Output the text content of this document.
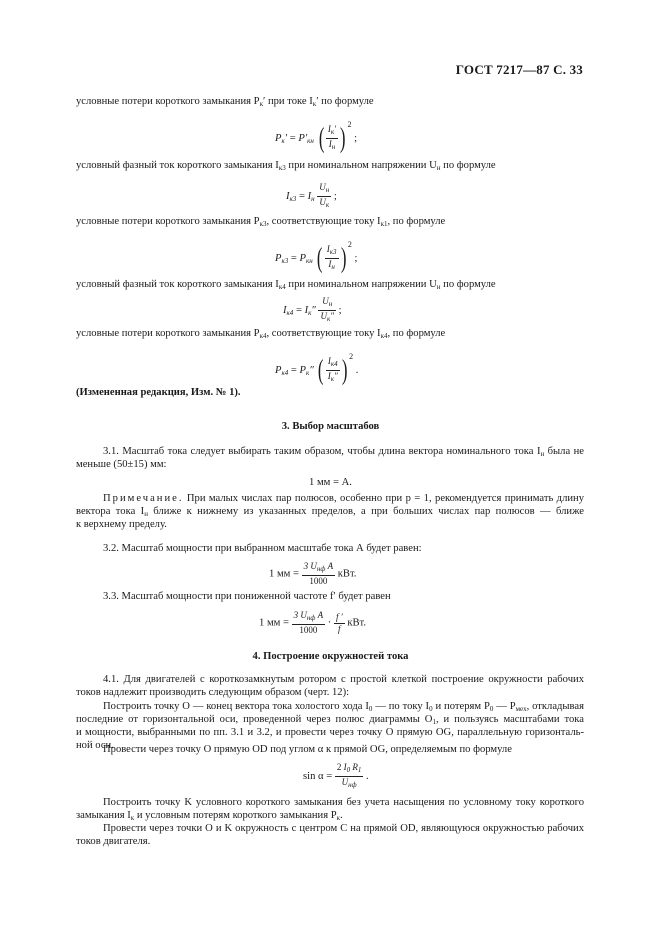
ГОСТ 7217—87 С. 33
условные потери короткого замыкания $P_к'$ при токе $I_к'$ по формуле
$P_к' = P'_{кн}$ ( $\frac{I_к'}{I_н}$ ) $^2$ ;
условный фазный ток короткого замыкания $I_{к3}$ при номинальном напряжении $U_н$ по формуле
$I_{к3} = I_н \frac{U_н}{U_к}$ ;
условные потери короткого замыкания $P_{к3}$, соответствующие току $I_{к1}$, по формуле
$P_{к3} = P_{кн}$ ( $\frac{I_{к3}}{I_н}$ ) $^2$ ;
условный фазный ток короткого замыкания $I_{к4}$ при номинальном напряжении $U_н$ по формуле
$I_{к4} = I_к'' \frac{U_н}{U_к''}$ ;
условные потери короткого замыкания $P_{к4}$, соответствующие току $I_{к4}$, по формуле
$P_{к4} = P_к''$ ( $\frac{I_{к4}}{I_к''}$ ) $^2$ .
(Измененная редакция, Изм. № 1).
3. Выбор масштабов
3.1. Масштаб тока следует выбирать таким образом, чтобы длина вектора номинального тока $I_н$ была не
меньше (50±15) мм:
1 мм = А.
Примечание. При малых числах пар полюсов, особенно при p = 1, рекомендуется принимать длину
вектора тока $I_н$ ближе к нижнему из указанных пределов, а при больших числах пар полюсов — ближе
к верхнему пределу.
3.2. Масштаб мощности при выбранном масштабе тока А будет равен:
1 мм = $\frac{3 U_{нф} A}{1000}$ кВт.
3.3. Масштаб мощности при пониженной частоте f′ будет равен
1 мм = $\frac{3 U_{нф} A}{1000} \cdot \frac{f '}{f}$ кВт.
4. Построение окружностей тока
4.1. Для двигателей с короткозамкнутым ротором с простой клеткой построение окружности рабочих
токов надлежит производить следующим образом (черт. 12):
Построить точку O — конец вектора тока холостого хода $I_0$ — по току $I_0$ и потерям $P_0$ — $P_{мех}$, откладывая
последние от горизонтальной оси, проведенной через полюс диаграммы $O_1$, и пользуясь масштабами тока
и мощности, выбранными по пп. 3.1 и 3.2, и провести через точку O прямую OG, параллельную горизонталь-
ной оси.
Провести через точку O прямую OD под углом α к прямой OG, определяемым по формуле
$\sin \alpha = \frac{2 I_0 R_1}{U_{нф}}$ .
Построить точку K условного короткого замыкания без учета насыщения по условному току короткого
замыкания $I_к$ и условным потерям короткого замыкания $P_к$.
Провести через точки O и K окружность с центром C на прямой OD, являющуюся окружностью рабочих
токов двигателя.
